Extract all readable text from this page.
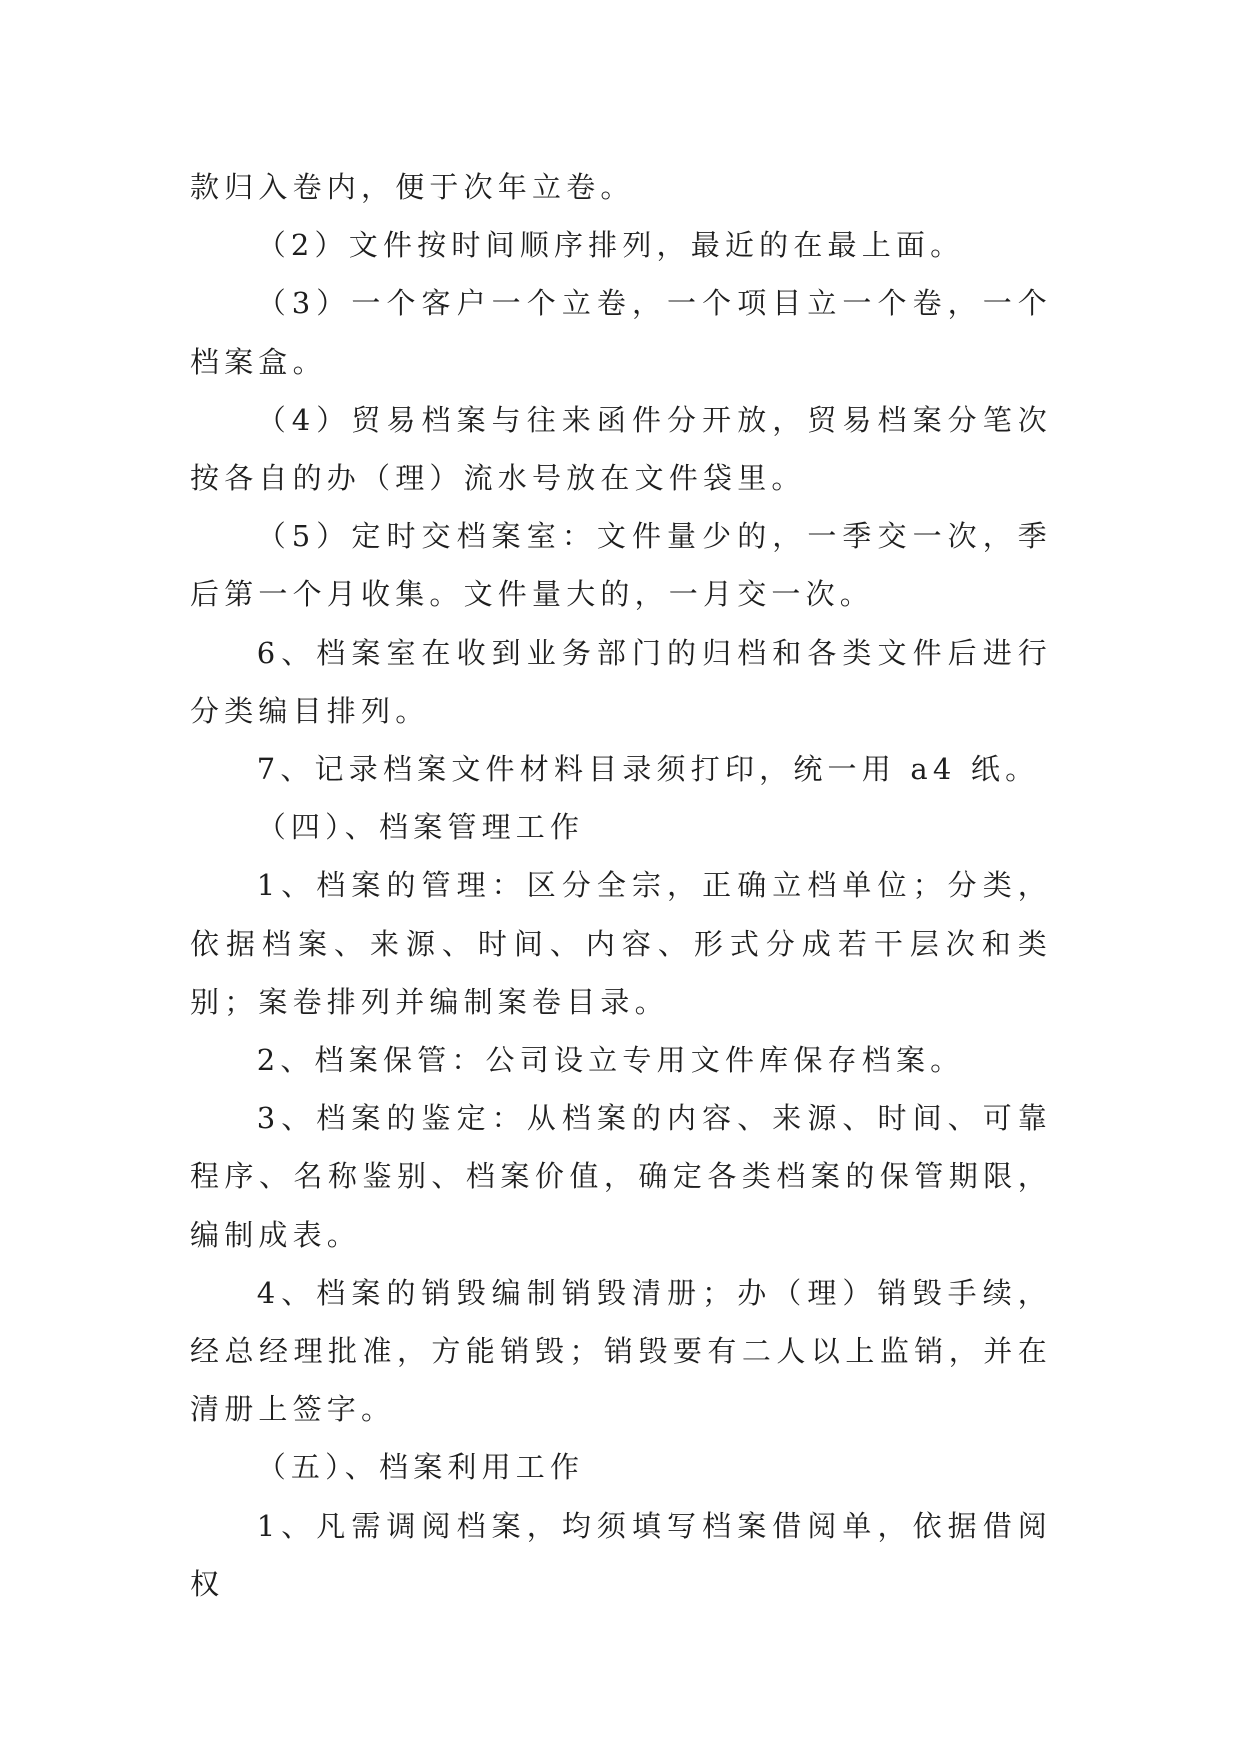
款归入卷内，便于次年立卷。

（2）文件按时间顺序排列，最近的在最上面。

（3）一个客户一个立卷，一个项目立一个卷，一个档案盒。

（4）贸易档案与往来函件分开放，贸易档案分笔次按各自的办（理）流水号放在文件袋里。

（5）定时交档案室：文件量少的，一季交一次，季后第一个月收集。文件量大的，一月交一次。

6、档案室在收到业务部门的归档和各类文件后进行分类编目排列。

7、记录档案文件材料目录须打印，统一用 a4 纸。

（四）、档案管理工作

1、档案的管理：区分全宗，正确立档单位；分类，依据档案、来源、时间、内容、形式分成若干层次和类别；案卷排列并编制案卷目录。

2、档案保管：公司设立专用文件库保存档案。

3、档案的鉴定：从档案的内容、来源、时间、可靠程序、名称鉴别、档案价值，确定各类档案的保管期限，编制成表。

4、档案的销毁编制销毁清册；办（理）销毁手续，经总经理批准，方能销毁；销毁要有二人以上监销，并在清册上签字。

（五）、档案利用工作

1、凡需调阅档案，均须填写档案借阅单，依据借阅权
